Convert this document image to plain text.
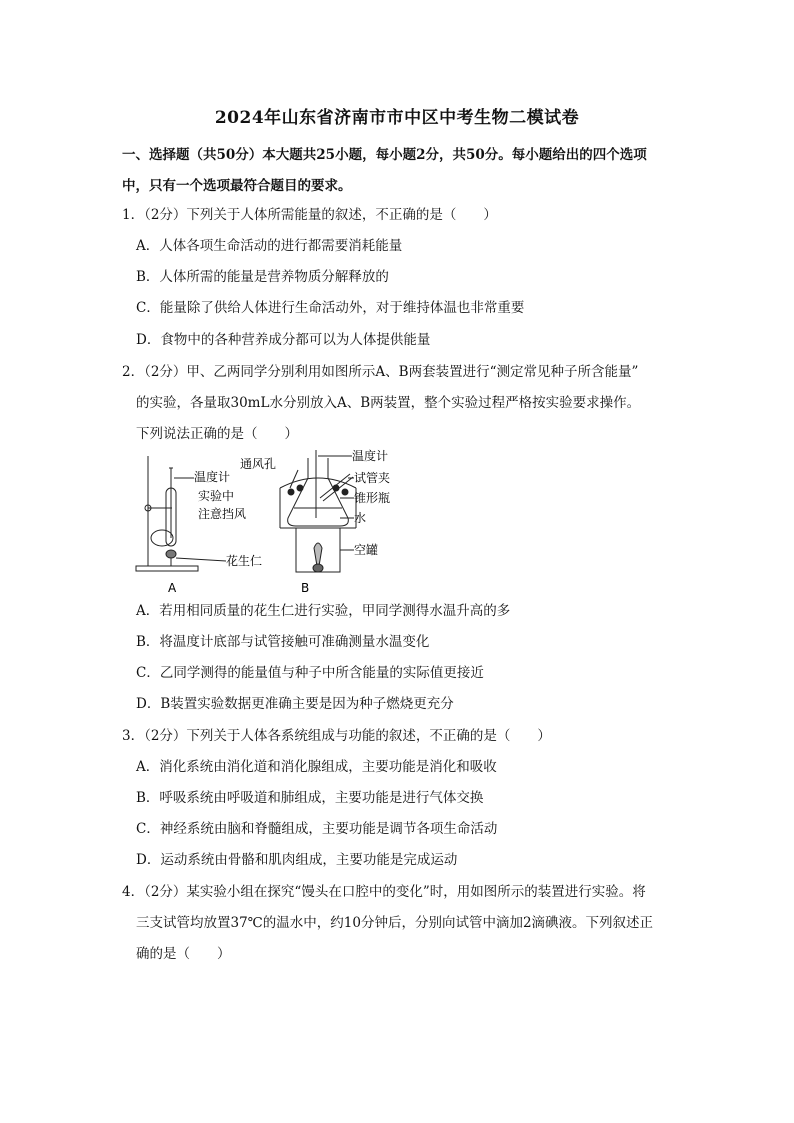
2024年山东省济南市市中区中考生物二模试卷
一、选择题（共50分）本大题共25小题，每小题2分，共50分。每小题给出的四个选项
中，只有一个选项最符合题目的要求。
1．（2分）下列关于人体所需能量的叙述，不正确的是（　　）
A．人体各项生命活动的进行都需要消耗能量
B．人体所需的能量是营养物质分解释放的
C．能量除了供给人体进行生命活动外，对于维持体温也非常重要
D．食物中的各种营养成分都可以为人体提供能量
2．（2分）甲、乙两同学分别利用如图所示A、B两套装置进行“测定常见种子所含能量”
的实验，各量取30mL水分别放入A、B两装置，整个实验过程严格按实验要求操作。
下列说法正确的是（　　）
A	B
温度计
实验中
注意挡风
花生仁
通风孔
温度计
试管夹
锥形瓶
水
空罐
A．若用相同质量的花生仁进行实验，甲同学测得水温升高的多
B．将温度计底部与试管接触可准确测量水温变化
C．乙同学测得的能量值与种子中所含能量的实际值更接近
D．B装置实验数据更准确主要是因为种子燃烧更充分
3．（2分）下列关于人体各系统组成与功能的叙述，不正确的是（　　）
A．消化系统由消化道和消化腺组成，主要功能是消化和吸收
B．呼吸系统由呼吸道和肺组成，主要功能是进行气体交换
C．神经系统由脑和脊髓组成，主要功能是调节各项生命活动
D．运动系统由骨骼和肌肉组成，主要功能是完成运动
4．（2分）某实验小组在探究“馒头在口腔中的变化”时，用如图所示的装置进行实验。将
三支试管均放置37℃的温水中，约10分钟后，分别向试管中滴加2滴碘液。下列叙述正
确的是（　　）
